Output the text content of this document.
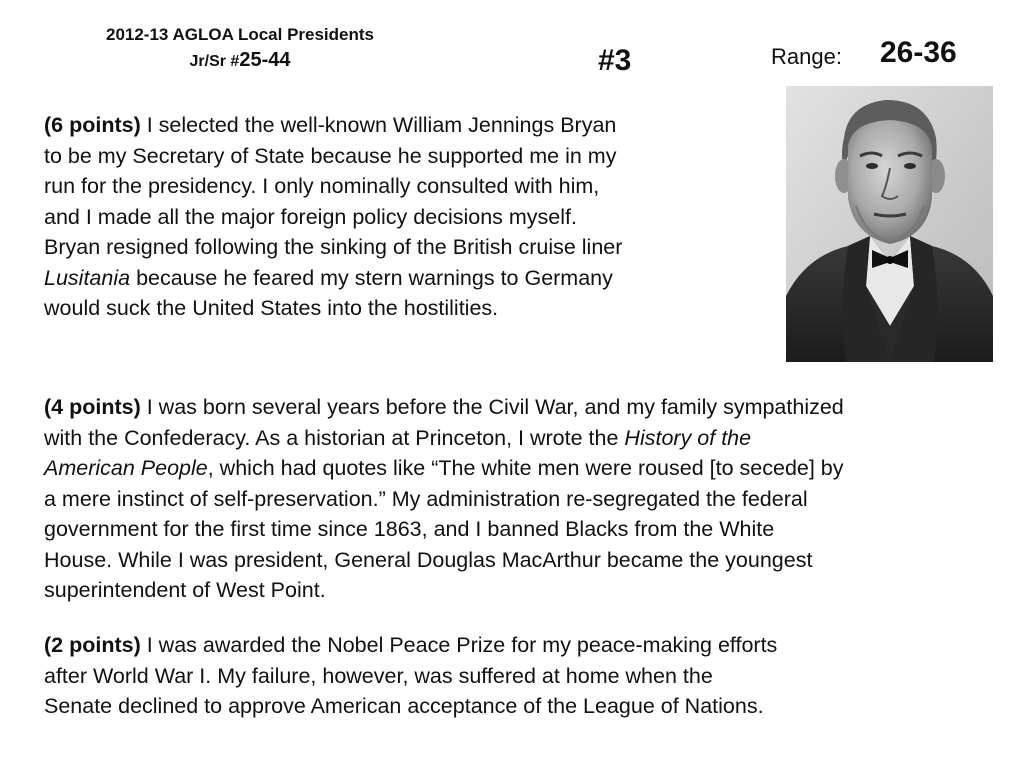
2012-13 AGLOA Local Presidents
Jr/Sr #25-44	#3	Range: 26-36

(6 points) I selected the well-known William Jennings Bryan
to be my Secretary of State because he supported me in my
run for the presidency. I only nominally consulted with him,
and I made all the major foreign policy decisions myself.
Bryan resigned following the sinking of the British cruise liner
Lusitania because he feared my stern warnings to Germany
would suck the United States into the hostilities.

(4 points) I was born several years before the Civil War, and my family sympathized
with the Confederacy. As a historian at Princeton, I wrote the History of the
American People, which had quotes like “The white men were roused [to secede] by
a mere instinct of self-preservation.” My administration re-segregated the federal
government for the first time since 1863, and I banned Blacks from the White
House. While I was president, General Douglas MacArthur became the youngest
superintendent of West Point.

(2 points) I was awarded the Nobel Peace Prize for my peace-making efforts
after World War I. My failure, however, was suffered at home when the
Senate declined to approve American acceptance of the League of Nations.
